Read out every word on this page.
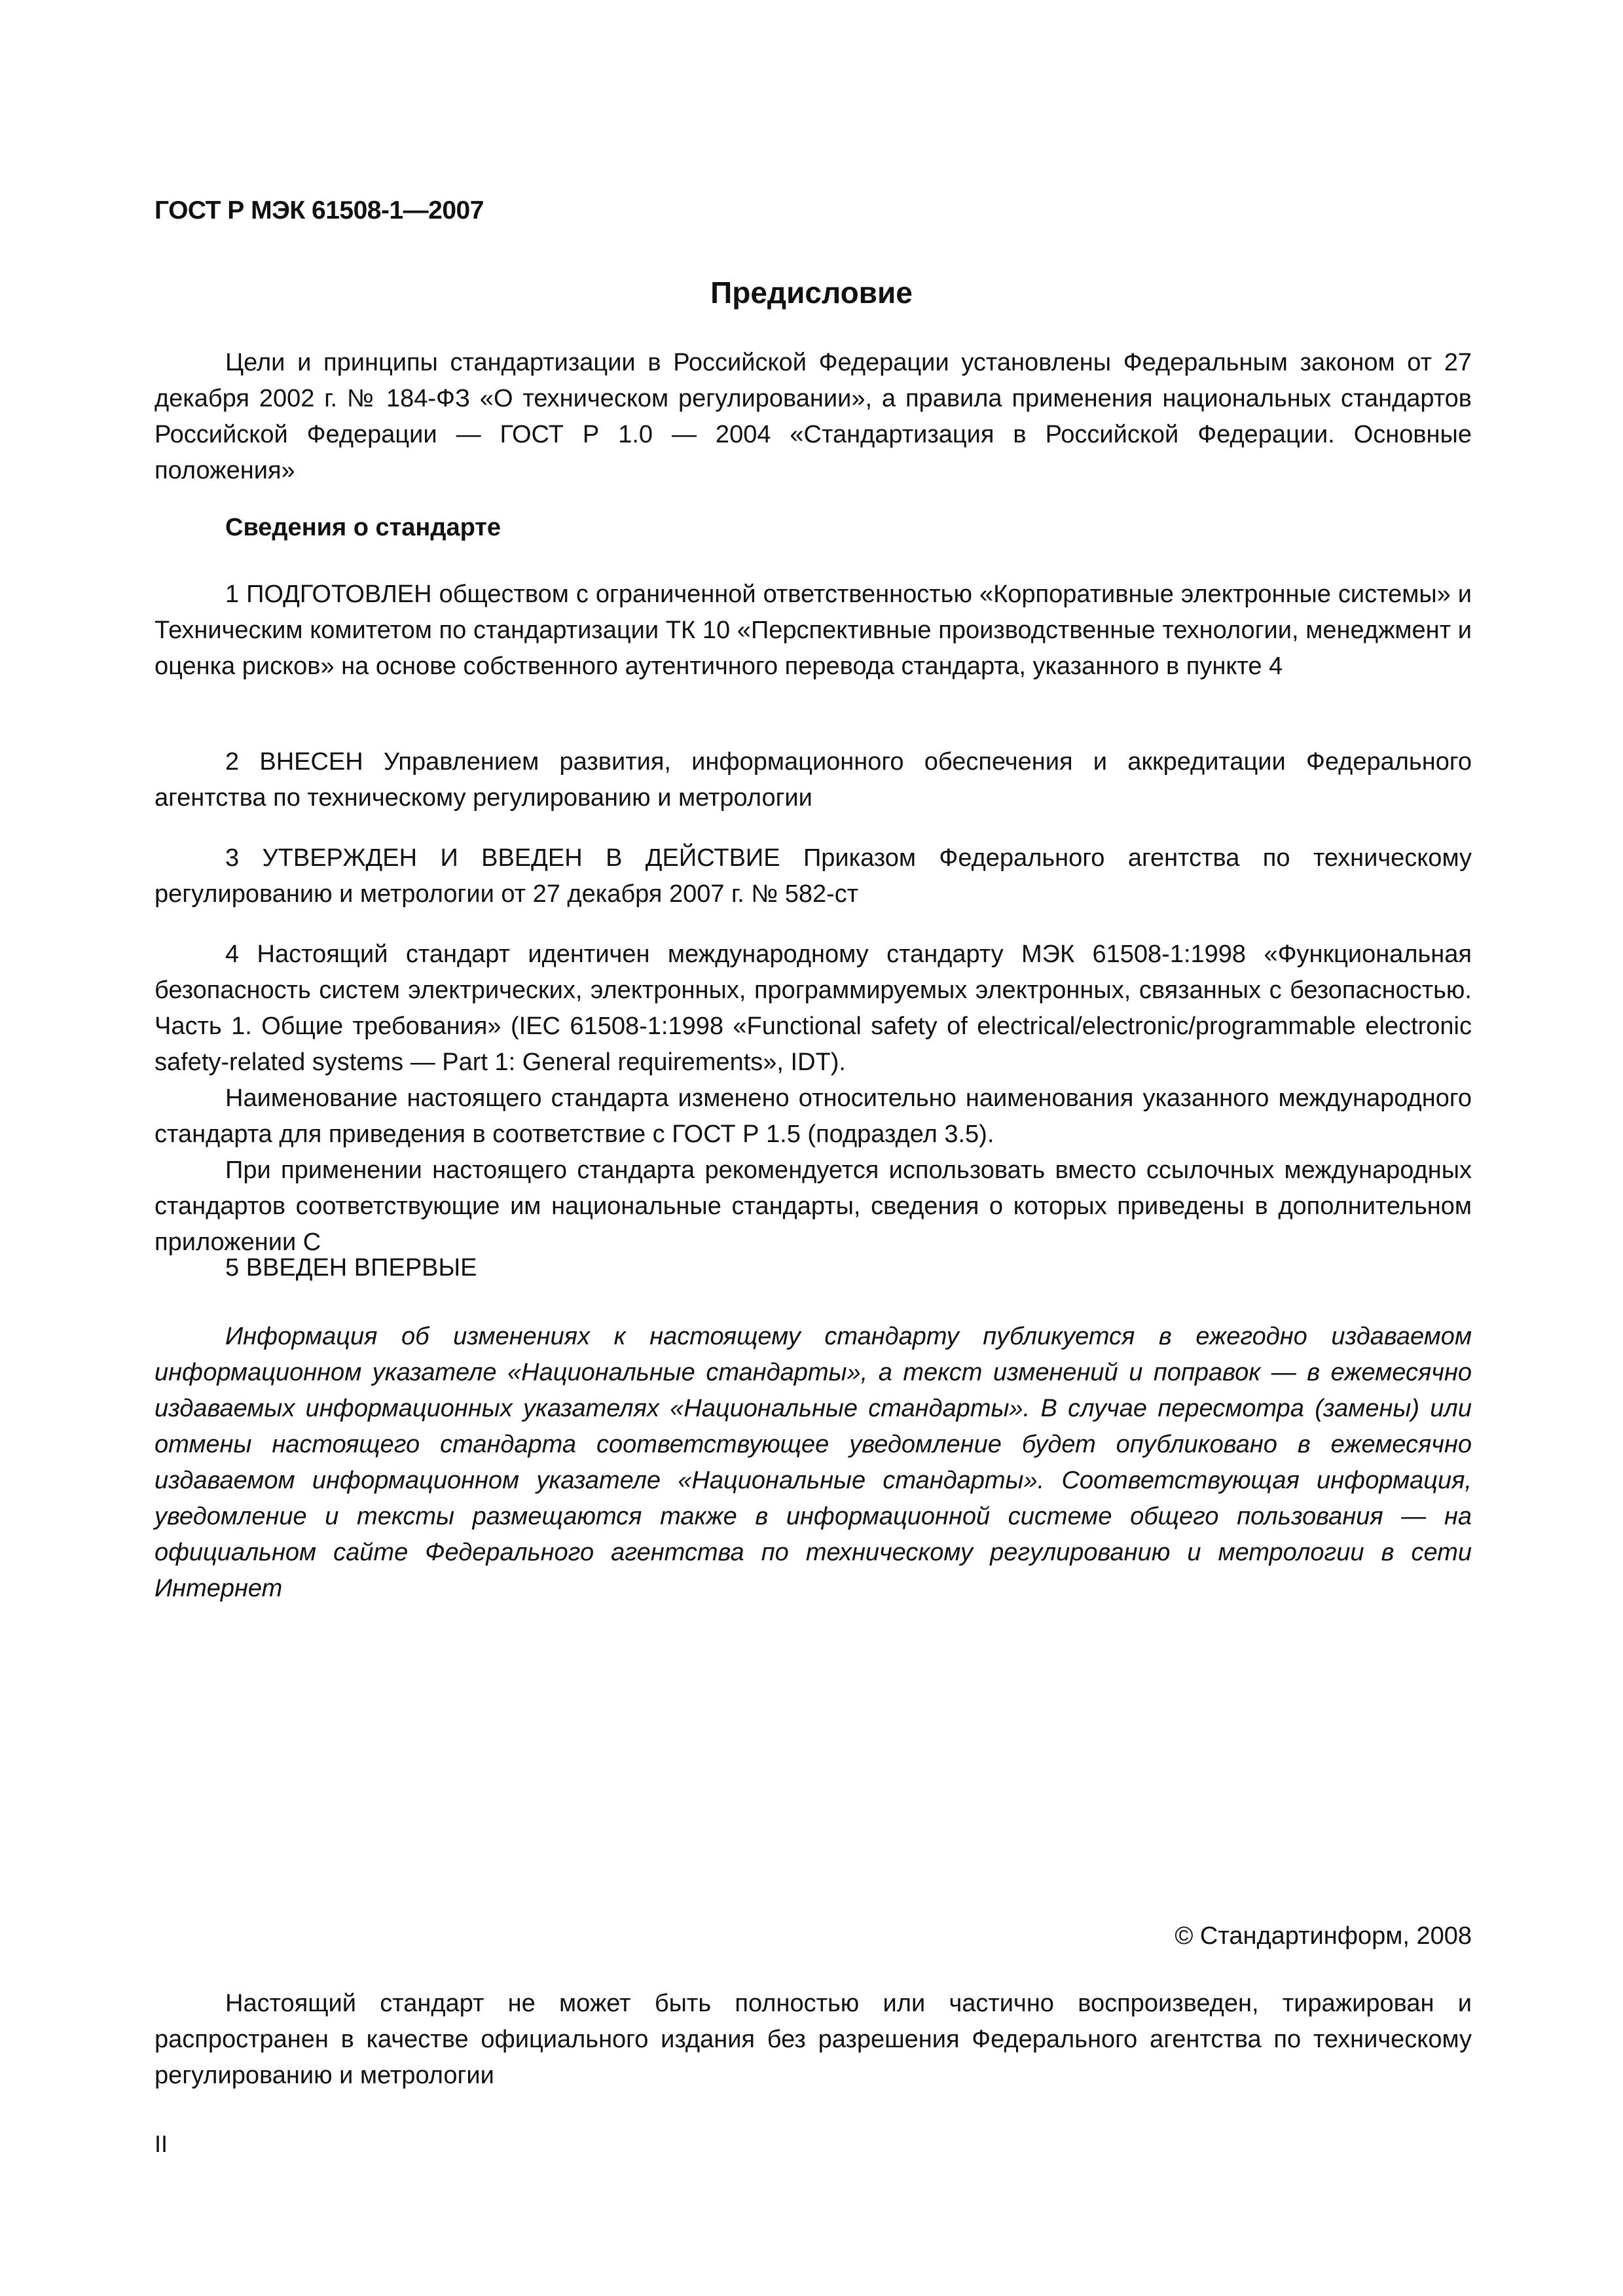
ГОСТ Р МЭК 61508-1—2007
Предисловие

Цели и принципы стандартизации в Российской Федерации установлены Федеральным законом от 27 декабря 2002 г. № 184-ФЗ «О техническом регулировании», а правила применения национальных стандартов Российской Федерации — ГОСТ Р 1.0 — 2004 «Стандартизация в Российской Федерации. Основные положения»

Сведения о стандарте

1 ПОДГОТОВЛЕН обществом с ограниченной ответственностью «Корпоративные электронные системы» и Техническим комитетом по стандартизации ТК 10 «Перспективные производственные технологии, менеджмент и оценка рисков» на основе собственного аутентичного перевода стандарта, указанного в пункте 4

2 ВНЕСЕН Управлением развития, информационного обеспечения и аккредитации Федерального агентства по техническому регулированию и метрологии

3 УТВЕРЖДЕН И ВВЕДЕН В ДЕЙСТВИЕ Приказом Федерального агентства по техническому регулированию и метрологии от 27 декабря 2007 г. № 582-ст

4 Настоящий стандарт идентичен международному стандарту МЭК 61508-1:1998 «Функциональная безопасность систем электрических, электронных, программируемых электронных, связанных с безопасностью. Часть 1. Общие требования» (IEC 61508-1:1998 «Functional safety of electrical/electronic/programmable electronic safety-related systems — Part 1: General requirements», IDT).

Наименование настоящего стандарта изменено относительно наименования указанного международного стандарта для приведения в соответствие с ГОСТ Р 1.5 (подраздел 3.5).

При применении настоящего стандарта рекомендуется использовать вместо ссылочных международных стандартов соответствующие им национальные стандарты, сведения о которых приведены в дополнительном приложении С

5 ВВЕДЕН ВПЕРВЫЕ

Информация об изменениях к настоящему стандарту публикуется в ежегодно издаваемом информационном указателе «Национальные стандарты», а текст изменений и поправок — в ежемесячно издаваемых информационных указателях «Национальные стандарты». В случае пересмотра (замены) или отмены настоящего стандарта соответствующее уведомление будет опубликовано в ежемесячно издаваемом информационном указателе «Национальные стандарты». Соответствующая информация, уведомление и тексты размещаются также в информационной системе общего пользования — на официальном сайте Федерального агентства по техническому регулированию и метрологии в сети Интернет

© Стандартинформ, 2008

Настоящий стандарт не может быть полностью или частично воспроизведен, тиражирован и распространен в качестве официального издания без разрешения Федерального агентства по техническому регулированию и метрологии

II
